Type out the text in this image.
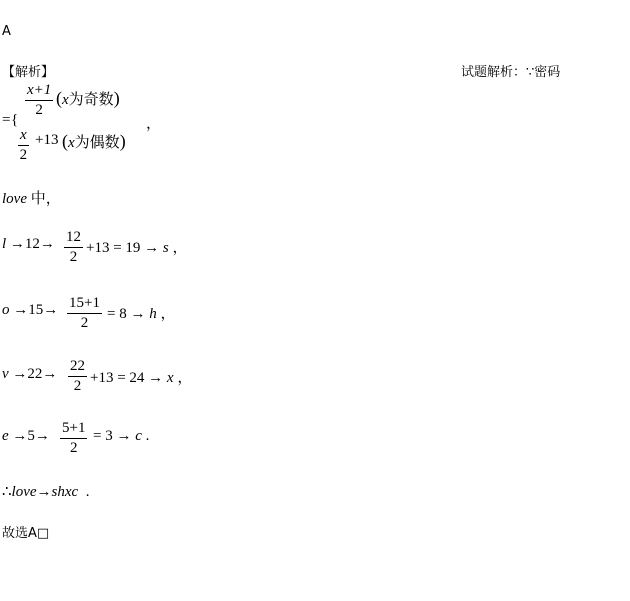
A
【解析】	试题解析：∵密码
= {
$\frac{x+1}{2} (x$为奇数)
$\frac{x}{2} +13$ (x为偶数)
，
love 中，
$l \to 12\to \frac{12}{2} +13 = 19 \to s$ ，
$o \to 15\to \frac{15+1}{2} = 8 \to h$ ，
$v \to 22\to \frac{22}{2} +13 = 24 \to x$ ，
$e \to 5\to \frac{5+1}{2} = 3 \to c$ .
∴love→shxc .
故选A□
